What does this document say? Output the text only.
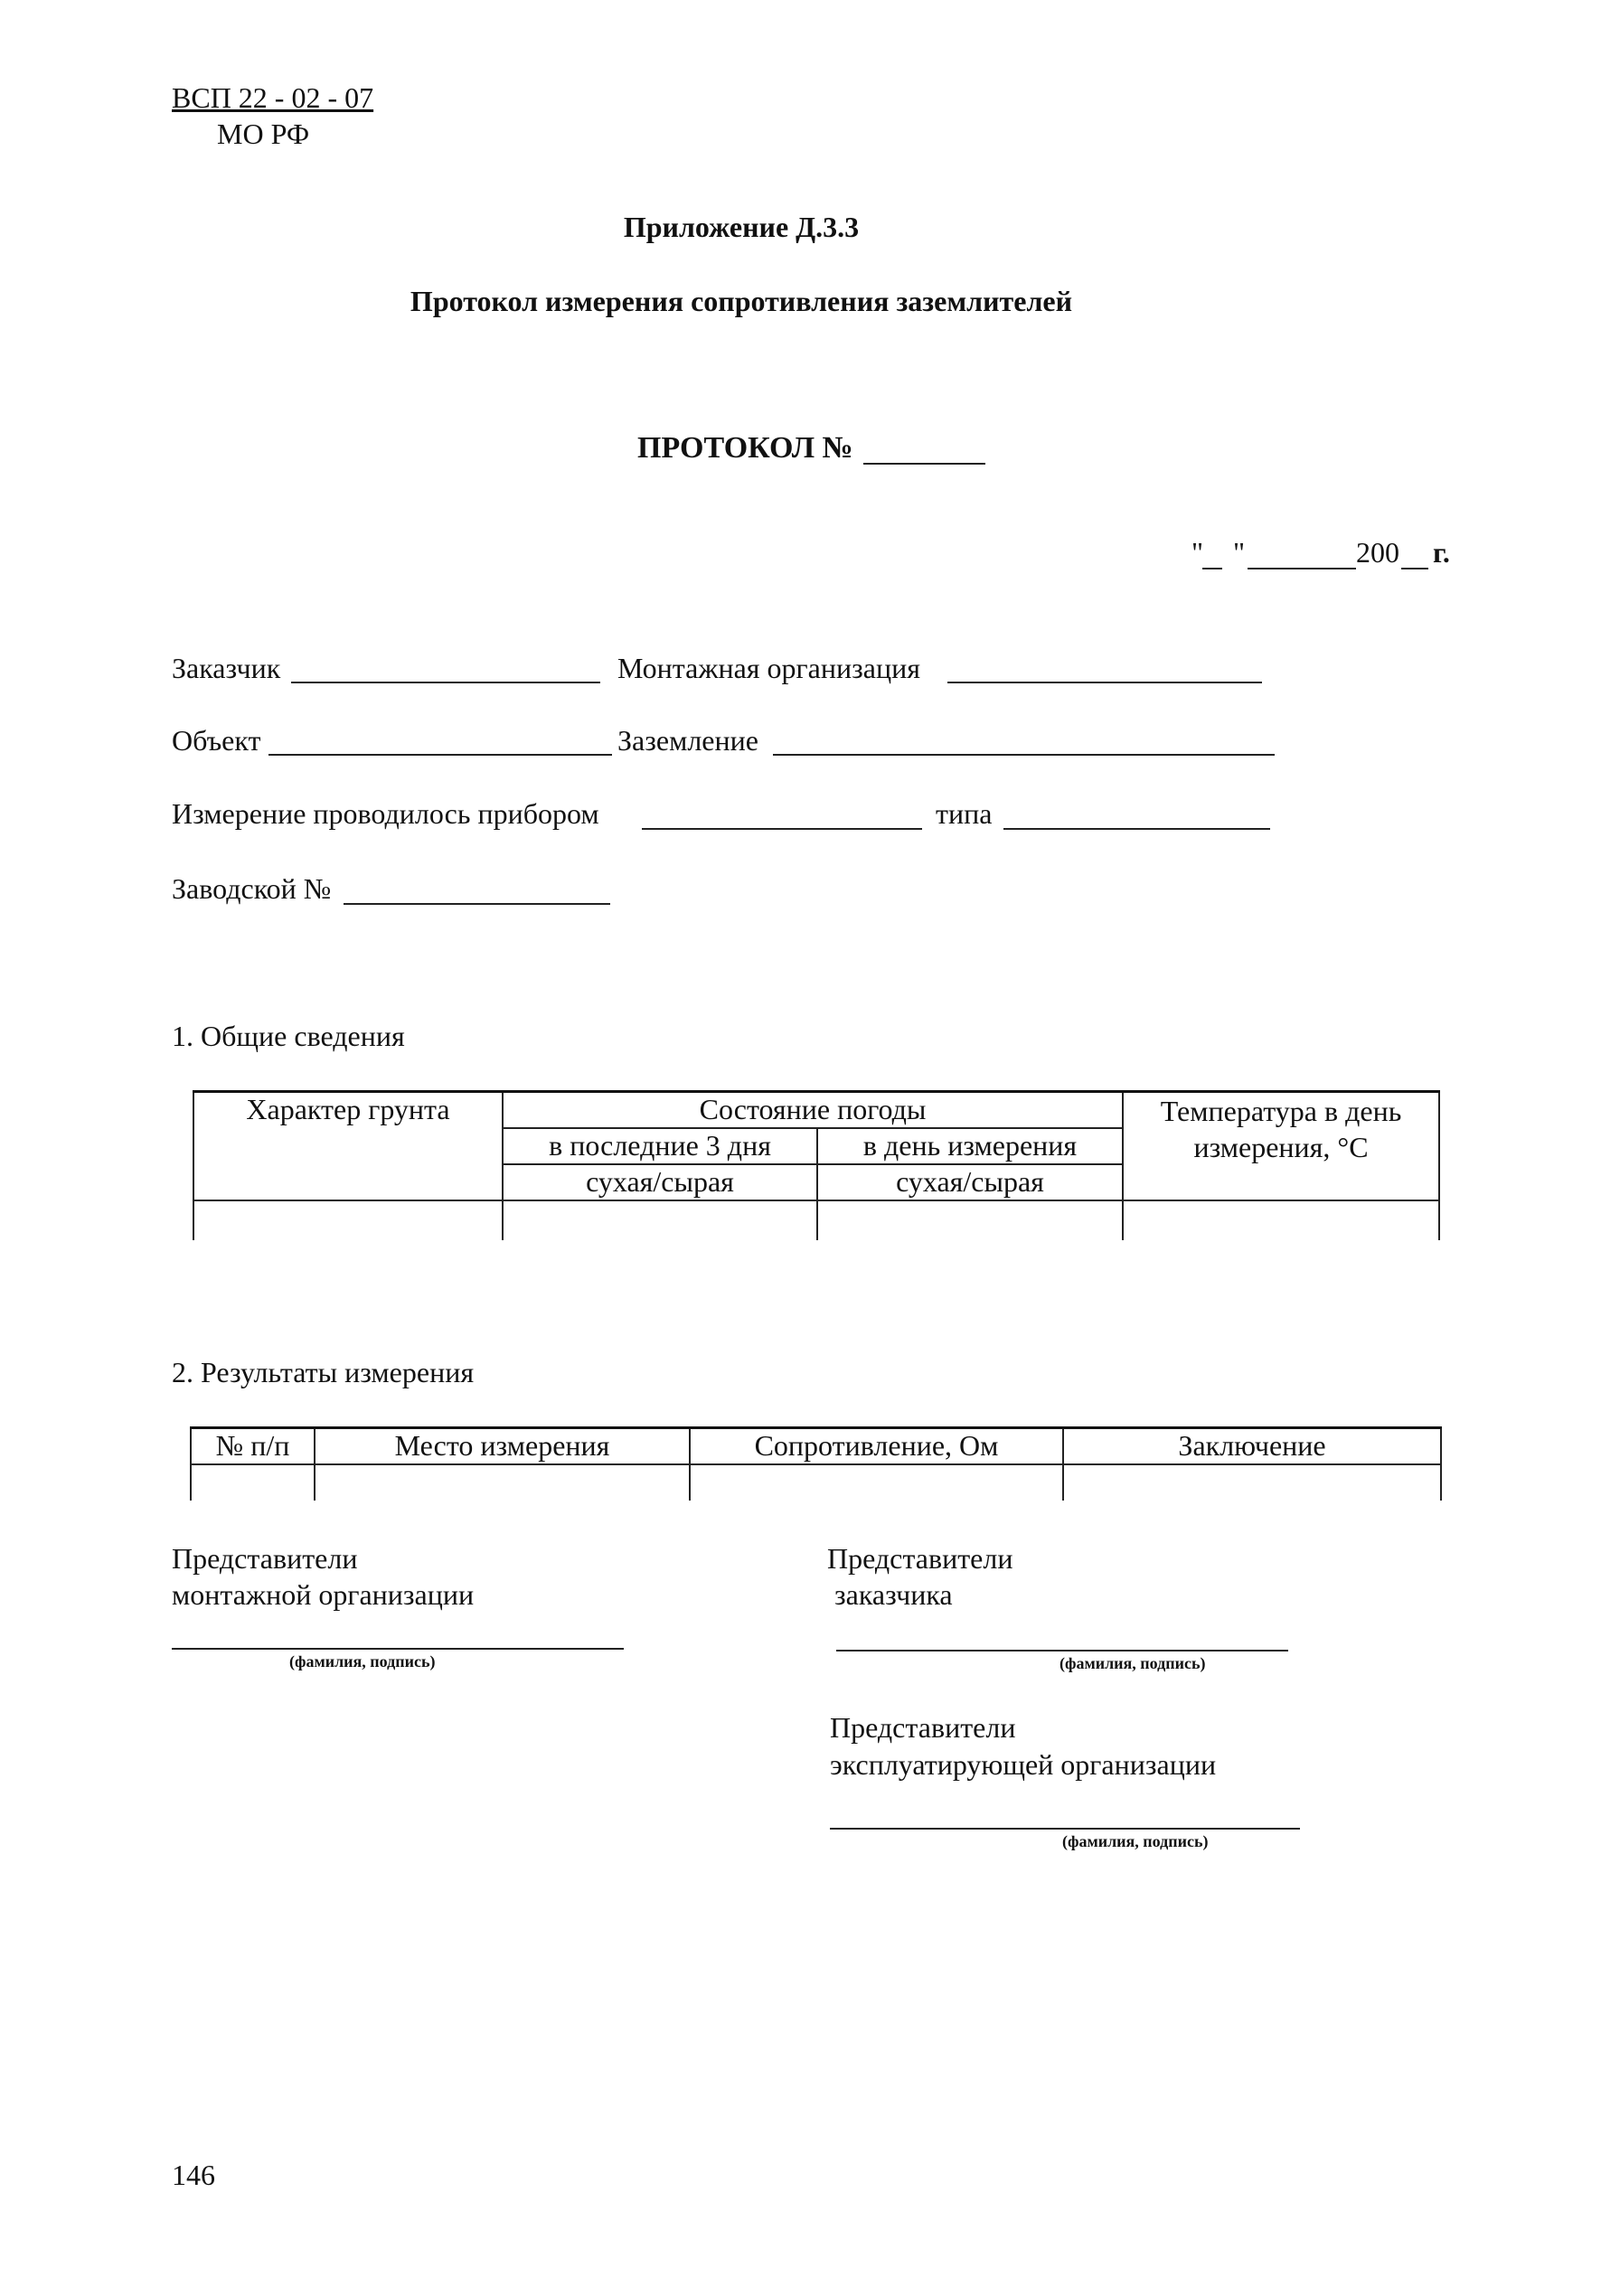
ВСП 22 - 02 - 07
МО РФ
Приложение Д.3.3
Протокол измерения сопротивления заземлителей
ПРОТОКОЛ №
" "	200 г.
Заказчик	Монтажная организация
Объект	Заземление
Измерение проводилось прибором	типа
Заводской №
1. Общие сведения
Характер грунта	Состояние погоды		Температура в день измерения, °С
	в последние 3 дня	в день измерения	
	сухая/сырая	сухая/сырая	

2. Результаты измерения
№ п/п	Место измерения	Сопротивление, Ом	Заключение

Представители
монтажной организации
(фамилия, подпись)
Представители
заказчика
(фамилия, подпись)
Представители
эксплуатирующей организации
(фамилия, подпись)
146
